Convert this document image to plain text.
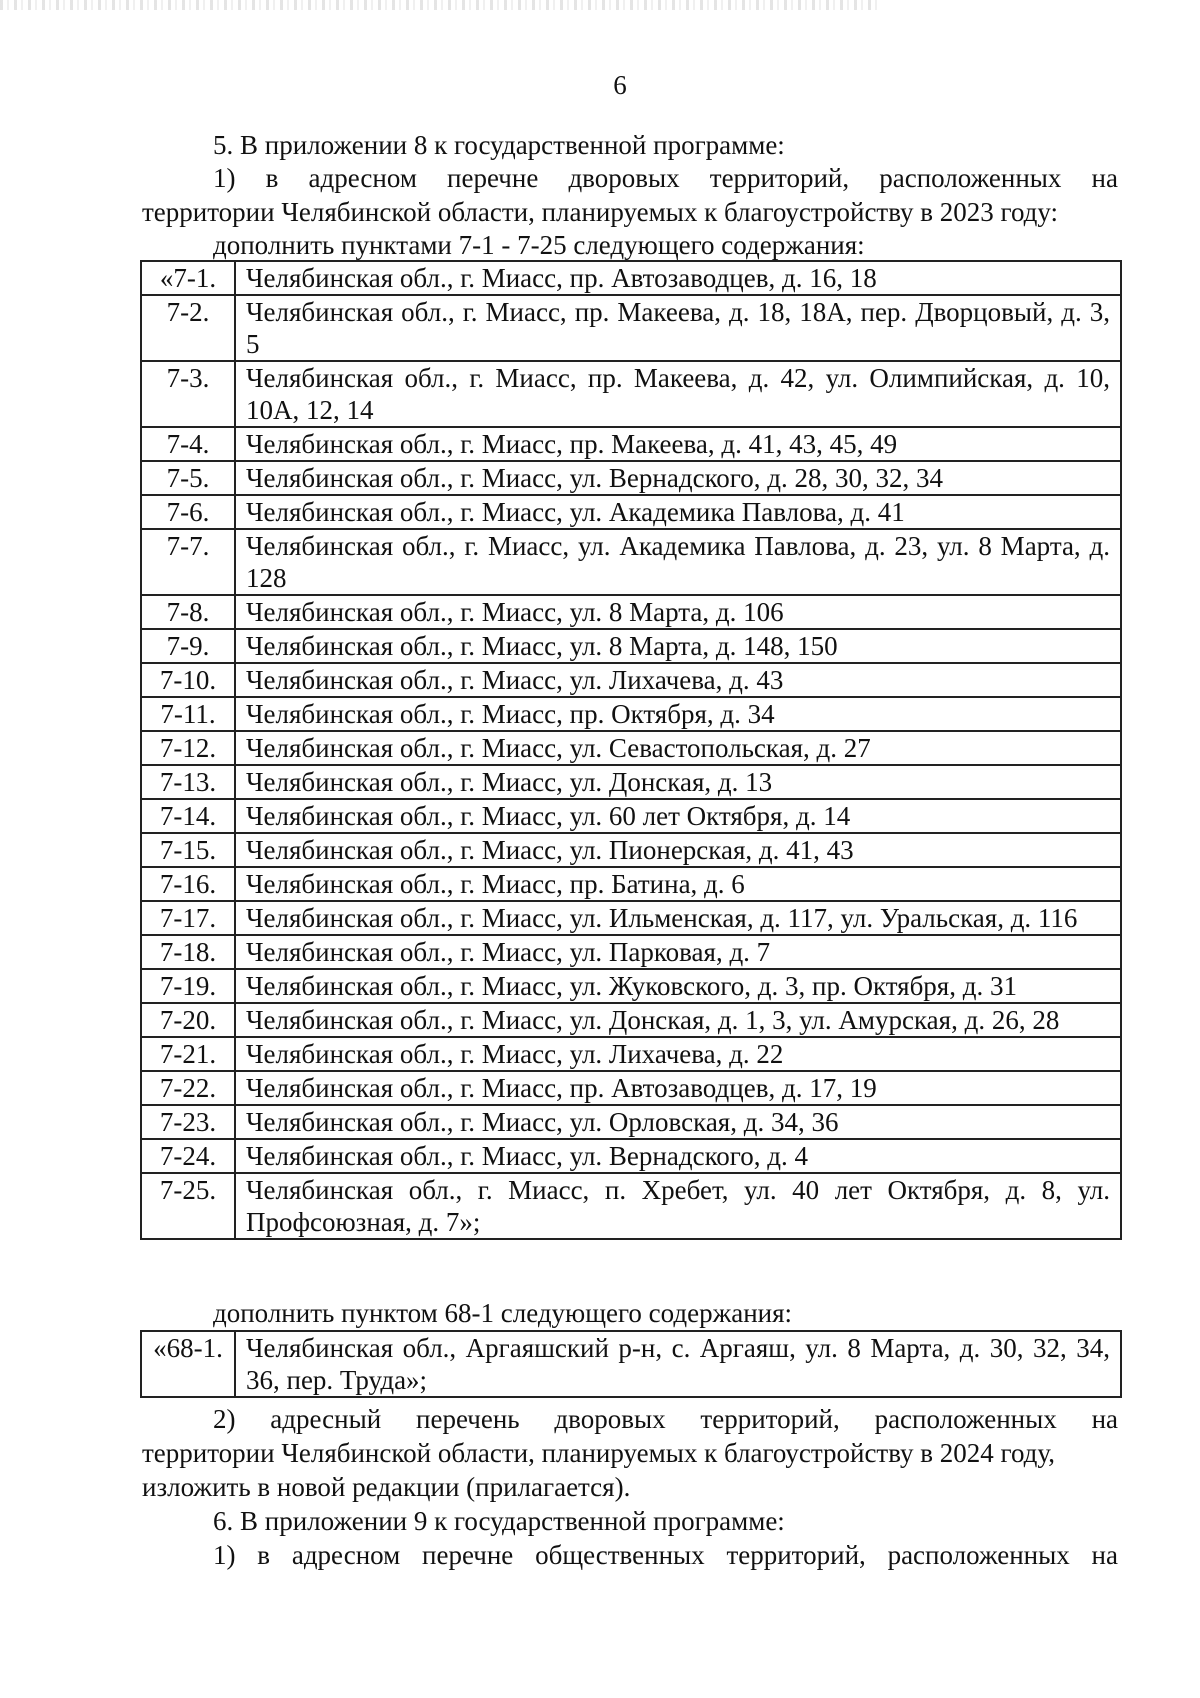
6
5. В приложении 8 к государственной программе:
1) в адресном перечне дворовых территорий, расположенных на
территории Челябинской области, планируемых к благоустройству в 2023 году:
дополнить пунктами 7-1 - 7-25 следующего содержания:
«7-1.	Челябинская обл., г. Миасс, пр. Автозаводцев, д. 16, 18
7-2.	Челябинская обл., г. Миасс, пр. Макеева, д. 18, 18А, пер. Дворцовый, д. 3, 5
7-3.	Челябинская обл., г. Миасс, пр. Макеева, д. 42, ул. Олимпийская, д. 10, 10А, 12, 14
7-4.	Челябинская обл., г. Миасс, пр. Макеева, д. 41, 43, 45, 49
7-5.	Челябинская обл., г. Миасс, ул. Вернадского, д. 28, 30, 32, 34
7-6.	Челябинская обл., г. Миасс, ул. Академика Павлова, д. 41
7-7.	Челябинская обл., г. Миасс, ул. Академика Павлова, д. 23, ул. 8 Марта, д. 128
7-8.	Челябинская обл., г. Миасс, ул. 8 Марта, д. 106
7-9.	Челябинская обл., г. Миасс, ул. 8 Марта, д. 148, 150
7-10.	Челябинская обл., г. Миасс, ул. Лихачева, д. 43
7-11.	Челябинская обл., г. Миасс, пр. Октября, д. 34
7-12.	Челябинская обл., г. Миасс, ул. Севастопольская, д. 27
7-13.	Челябинская обл., г. Миасс, ул. Донская, д. 13
7-14.	Челябинская обл., г. Миасс, ул. 60 лет Октября, д. 14
7-15.	Челябинская обл., г. Миасс, ул. Пионерская, д. 41, 43
7-16.	Челябинская обл., г. Миасс, пр. Батина, д. 6
7-17.	Челябинская обл., г. Миасс, ул. Ильменская, д. 117, ул. Уральская, д. 116
7-18.	Челябинская обл., г. Миасс, ул. Парковая, д. 7
7-19.	Челябинская обл., г. Миасс, ул. Жуковского, д. 3, пр. Октября, д. 31
7-20.	Челябинская обл., г. Миасс, ул. Донская, д. 1, 3, ул. Амурская, д. 26, 28
7-21.	Челябинская обл., г. Миасс, ул. Лихачева, д. 22
7-22.	Челябинская обл., г. Миасс, пр. Автозаводцев, д. 17, 19
7-23.	Челябинская обл., г. Миасс, ул. Орловская, д. 34, 36
7-24.	Челябинская обл., г. Миасс, ул. Вернадского, д. 4
7-25.	Челябинская обл., г. Миасс, п. Хребет, ул. 40 лет Октября, д. 8, ул. Профсоюзная, д. 7»;
дополнить пунктом 68-1 следующего содержания:
«68-1.	Челябинская обл., Аргаяшский р-н, с. Аргаяш, ул. 8 Марта, д. 30, 32, 34, 36, пер. Труда»;
2) адресный перечень дворовых территорий, расположенных на
территории Челябинской области, планируемых к благоустройству в 2024 году,
изложить в новой редакции (прилагается).
6. В приложении 9 к государственной программе:
1) в адресном перечне общественных территорий, расположенных на
